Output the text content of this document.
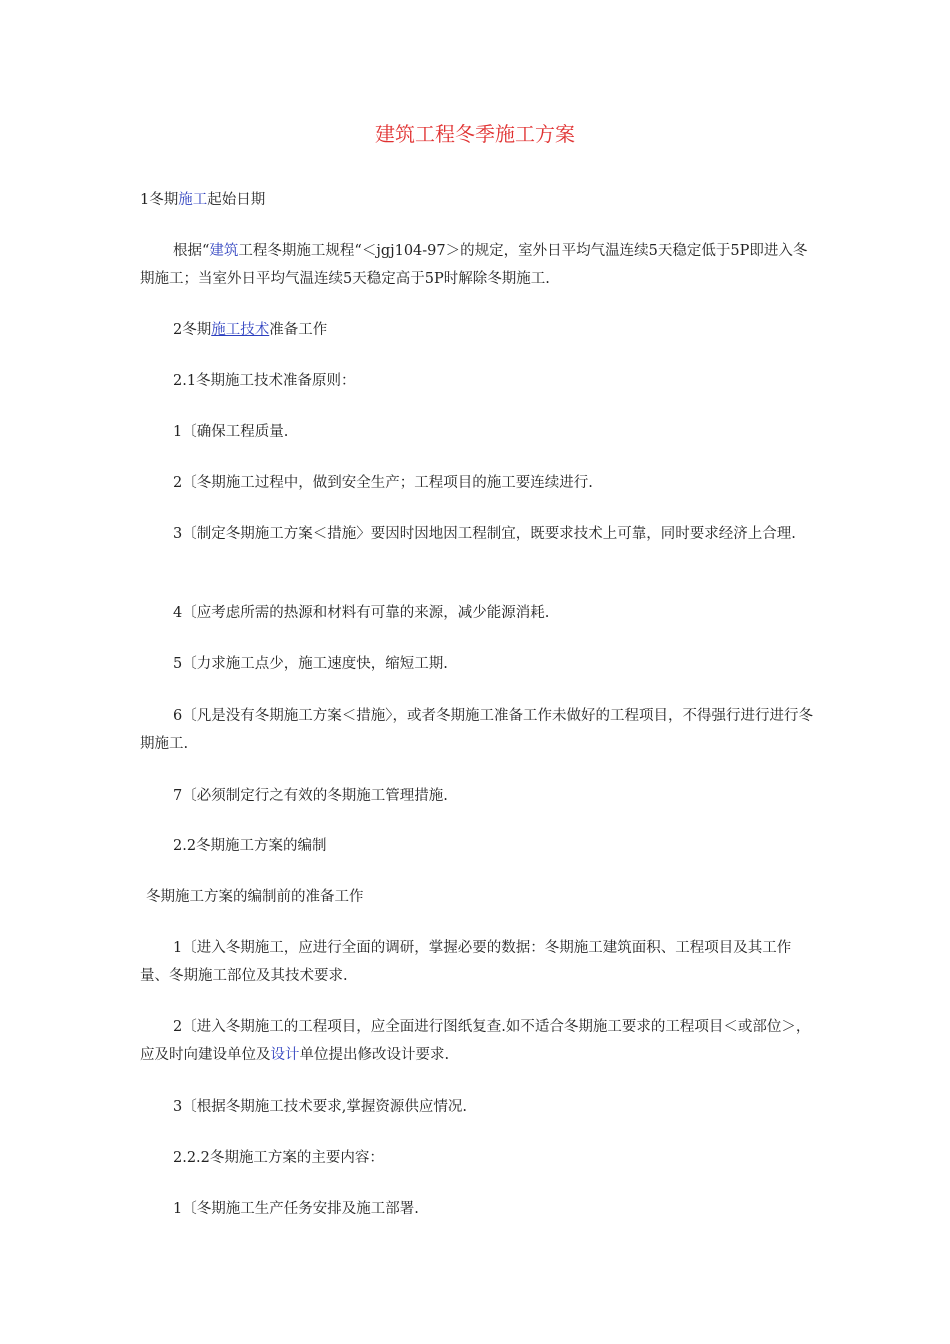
建筑工程冬季施工方案
1冬期施工起始日期
根据“建筑工程冬期施工规程“＜jgj104-97＞的规定，室外日平均气温连续5天稳定低于5P即进入冬期施工；当室外日平均气温连续5天稳定高于5P时解除冬期施工.
2冬期施工技术准备工作
2.1冬期施工技术准备原则：
1〔确保工程质量.
2〔冬期施工过程中，做到安全生产；工程项目的施工要连续进行.
3〔制定冬期施工方案＜措施〉要因时因地因工程制宜，既要求技术上可靠，同时要求经济上合理.
4〔应考虑所需的热源和材料有可靠的来源，减少能源消耗.
5〔力求施工点少，施工速度快，缩短工期.
6〔凡是没有冬期施工方案＜措施〉，或者冬期施工准备工作未做好的工程项目，不得强行进行进行冬期施工.
7〔必须制定行之有效的冬期施工管理措施.
2.2冬期施工方案的编制
冬期施工方案的编制前的准备工作
1〔进入冬期施工，应进行全面的调研，掌握必要的数据：冬期施工建筑面积、工程项目及其工作量、冬期施工部位及其技术要求.
2〔进入冬期施工的工程项目，应全面进行图纸复查.如不适合冬期施工要求的工程项目＜或部位＞，应及时向建设单位及设计单位提出修改设计要求.
3〔根据冬期施工技术要求,掌握资源供应情况.
2.2.2冬期施工方案的主要内容：
1〔冬期施工生产任务安排及施工部署.
